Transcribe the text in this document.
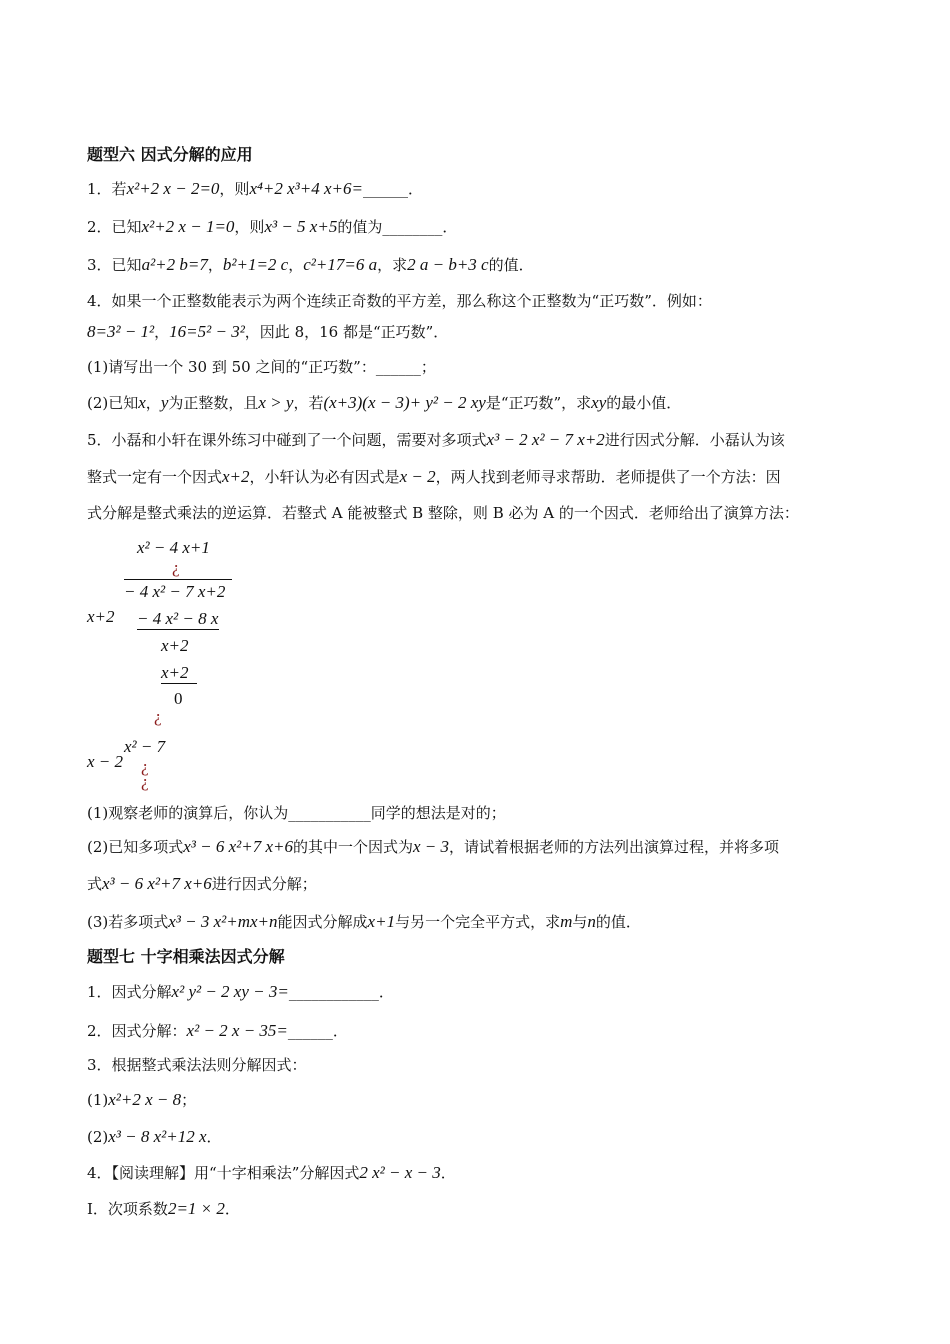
题型六 因式分解的应用
1．若x²+2 x − 2=0，则x⁴+2 x³+4 x+6=______．
2．已知x²+2 x − 1=0，则x³ − 5 x+5的值为________．
3．已知a²+2 b=7，b²+1=2 c，c²+17=6 a，求2 a − b+3 c的值．
4．如果一个正整数能表示为两个连续正奇数的平方差，那么称这个正整数为“正巧数”．例如：
8=3² − 1²，16=5² − 3²，因此 8，16 都是“正巧数”．
(1)请写出一个 30 到 50 之间的“正巧数”：______；
(2)已知x，y为正整数，且x > y，若(x+3)(x − 3)+ y² − 2 xy是“正巧数”，求xy的最小值．
5．小磊和小轩在课外练习中碰到了一个问题，需要对多项式x³ − 2 x² − 7 x+2进行因式分解．小磊认为该
整式一定有一个因式x+2，小轩认为必有因式是x − 2，两人找到老师寻求帮助．老师提供了一个方法：因
式分解是整式乘法的逆运算．若整式 A 能被整式 B 整除，则 B 必为 A 的一个因式．老师给出了演算方法：
x² − 4 x+1
¿
− 4 x² − 7 x+2
x+2 − 4 x² − 8 x
x+2
x+2
0
¿
x² − 7
x − 2 ¿
¿
(1)观察老师的演算后，你认为___________同学的想法是对的；
(2)已知多项式x³ − 6 x²+7 x+6的其中一个因式为x − 3，请试着根据老师的方法列出演算过程，并将多项
式x³ − 6 x²+7 x+6进行因式分解；
(3)若多项式x³ − 3 x²+mx+n能因式分解成x+1与另一个完全平方式，求m与n的值．
题型七 十字相乘法因式分解
1．因式分解x² y² − 2 xy − 3=____________．
2．因式分解：x² − 2 x − 35=______．
3．根据整式乘法法则分解因式：
(1)x²+2 x − 8；
(2)x³ − 8 x²+12 x．
4．【阅读理解】用“十字相乘法”分解因式2 x² − x − 3．
Ⅰ．次项系数2=1 × 2．
